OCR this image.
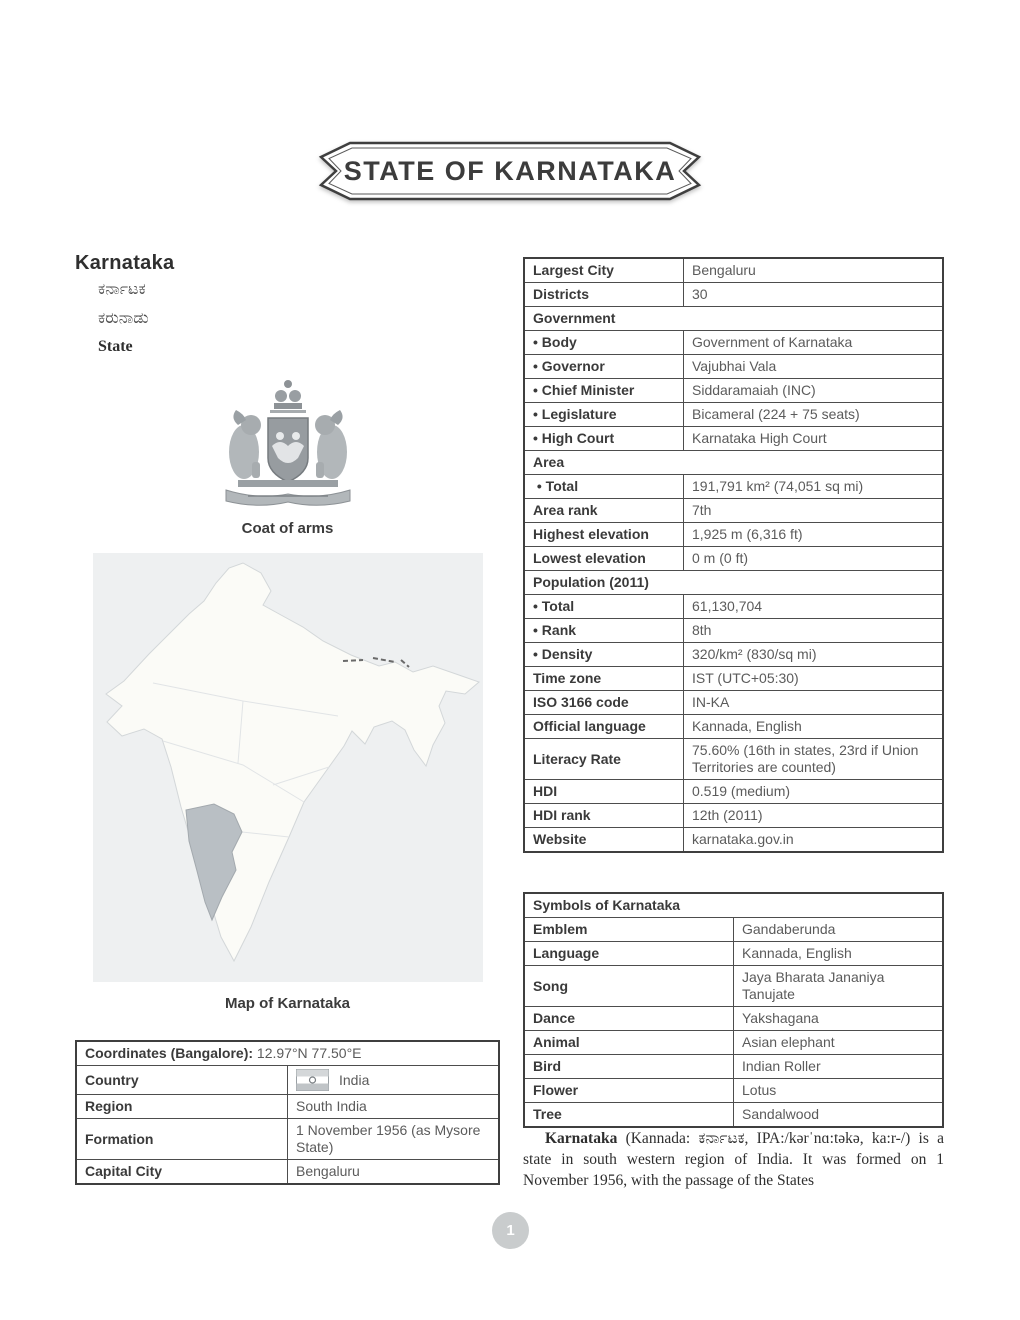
STATE OF KARNATAKA
Karnataka
ಕರ್ನಾಟಕ
ಕರುನಾಡು
State
Coat of arms
Map of Karnataka
Coordinates (Bangalore): 12.97°N 77.50°E	
Country	India

Region	South India
Formation	1 November 1956 (as Mysore State)
Capital City	Bengaluru
Largest City	Bengaluru
Districts	30
Government	
• Body	Government of Karnataka
• Governor	Vajubhai Vala
• Chief Minister	Siddaramaiah (INC)
• Legislature	Bicameral (224 + 75 seats)
• High Court	Karnataka High Court
Area	
• Total	191,791 km² (74,051 sq mi)
Area rank	7th
Highest elevation	1,925 m (6,316 ft)
Lowest elevation	0 m (0 ft)
Population (2011)	
• Total	61,130,704
• Rank	8th
• Density	320/km² (830/sq mi)
Time zone	IST (UTC+05:30)
ISO 3166 code	IN-KA
Official language	Kannada, English
Literacy Rate	75.60% (16th in states, 23rd if Union Territories are counted)
HDI	0.519 (medium)
HDI rank	12th (2011)
Website	karnataka.gov.in
Symbols of Karnataka	
Emblem	Gandaberunda
Language	Kannada, English
Song	Jaya Bharata Jananiya Tanujate
Dance	Yakshagana
Animal	Asian elephant
Bird	Indian Roller
Flower	Lotus
Tree	Sandalwood

Karnataka (Kannada: ಕರ್ನಾಟಕ, IPA:/kərˈnɑ:təkə, ka:r-/) is a state in south western region of India. It was formed on 1 November 1956, with the passage of the States

1
